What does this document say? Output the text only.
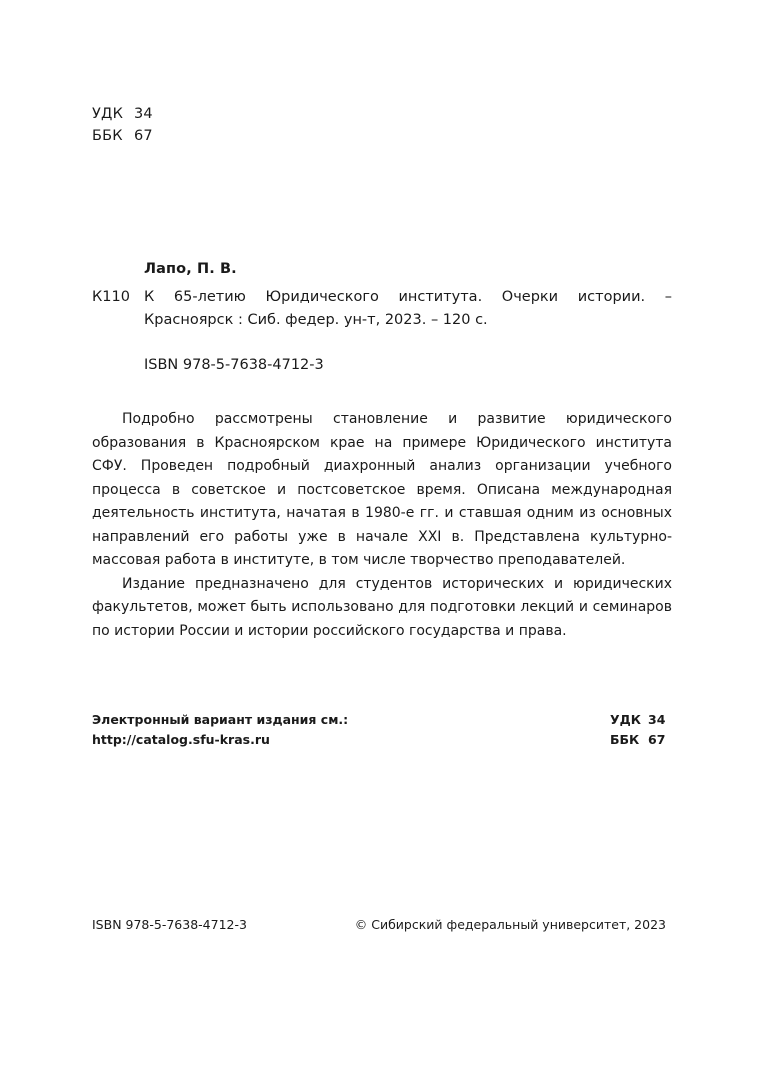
УДК 34
ББК 67
Лапо, П. В.
К110 К 65-летию Юридического института. Очерки истории. – Красноярск : Сиб. федер. ун-т, 2023. – 120 с.
ISBN 978-5-7638-4712-3

Подробно рассмотрены становление и развитие юридического образования в Красноярском крае на примере Юридического института СФУ. Проведен подробный диахронный анализ организации учебного процесса в советское и постсоветское время. Описана международная деятельность института, начатая в 1980-е гг. и ставшая одним из основных направлений его работы уже в начале XXI в. Представлена культурно-массовая работа в институте, в том числе творчество преподавателей.

Издание предназначено для студентов исторических и юридических факультетов, может быть использовано для подготовки лекций и семинаров по истории России и истории российского государства и права.

Электронный вариант издания см.:
http://catalog.sfu-kras.ru
УДК 34
ББК 67
ISBN 978-5-7638-4712-3	© Сибирский федеральный университет, 2023
